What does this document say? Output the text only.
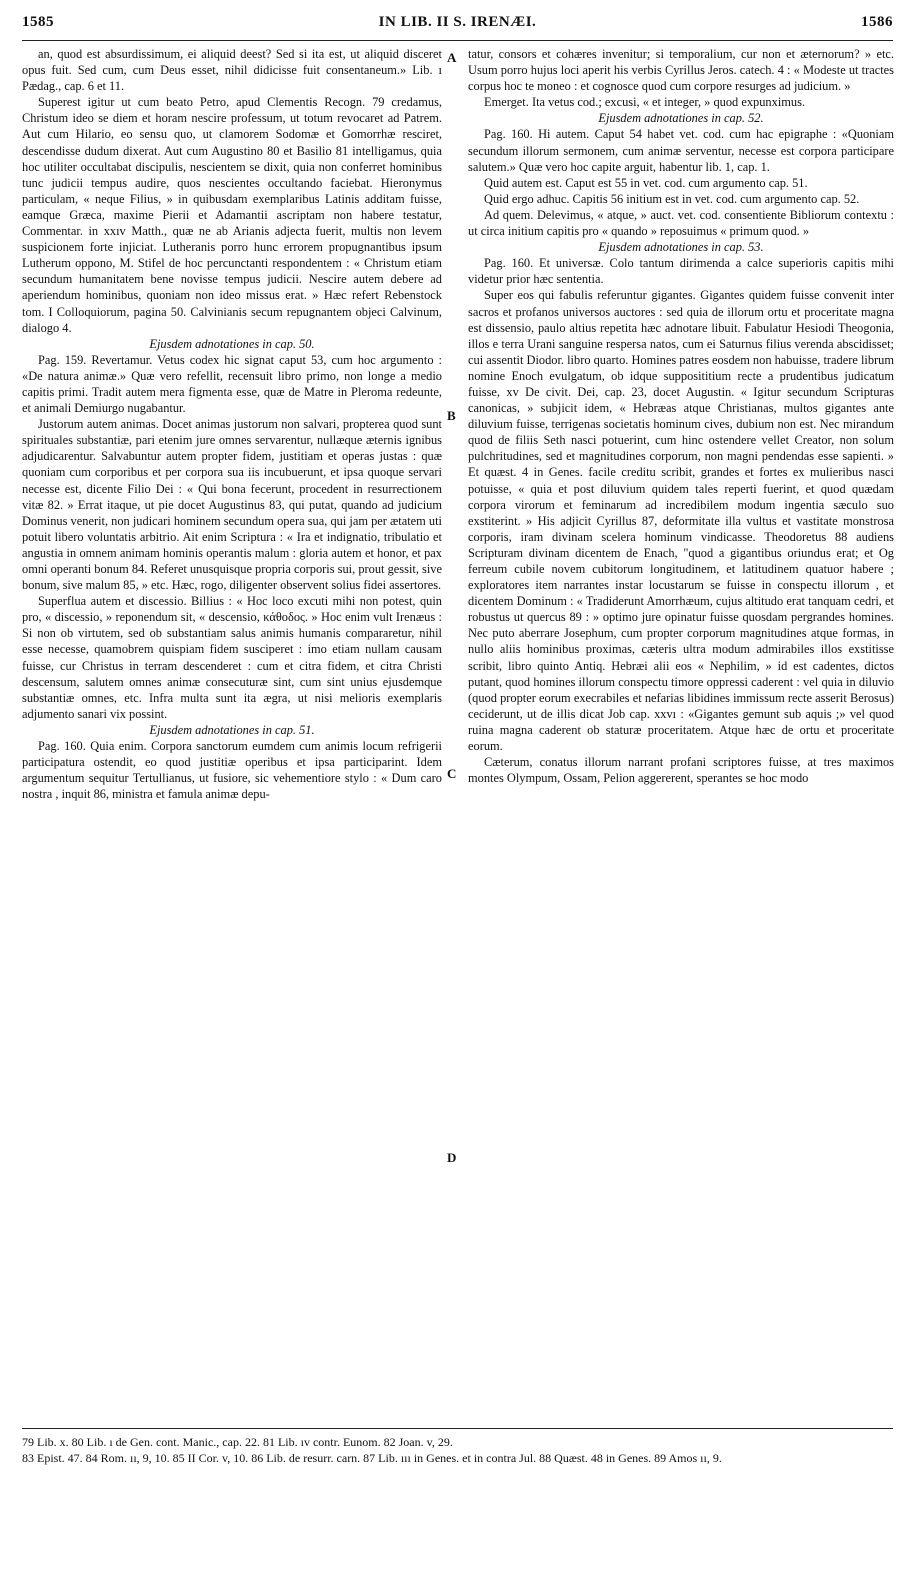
1585	IN LIB. II S. IRENÆI.	1586

an, quod est absurdissimum, ei aliquid deest? Sed si ita est, ut aliquid disceret opus fuit. Sed cum, cum Deus esset, nihil didicisse fuit consentaneum.» Lib. ı Pædag., cap. 6 et 11.

Superest igitur ut cum beato Petro, apud Clementis Recogn. 79 credamus, Christum ideo se diem et horam nescire professum, ut totum revocaret ad Patrem. Aut cum Hilario, eo sensu quo, ut clamorem Sodomæ et Gomorrhæ resciret, descendisse dudum dixerat. Aut cum Augustino 80 et Basilio 81 intelligamus, quia hoc utiliter occultabat discipulis, nescientem se dixit, quia non conferret hominibus tunc judicii tempus audire, quos nescientes occultando faciebat. Hieronymus particulam, « neque Filius, » in quibusdam exemplaribus Latinis additam fuisse, eamque Græca, maxime Pierii et Adamantii ascriptam non habere testatur, Commentar. in xxıv Matth., quæ ne ab Arianis adjecta fuerit, multis non levem suspicionem forte injiciat. Lutheranis porro hunc errorem propugnantibus ipsum Lutherum oppono, M. Stifel de hoc percunctanti respondentem : « Christum etiam secundum humanitatem bene novisse tempus judicii. Nescire autem debere ad aperiendum hominibus, quoniam non ideo missus erat. » Hæc refert Rebenstock tom. I Colloquiorum, pagina 50. Calvinianis secum repugnantem objeci Calvinum, dialogo 4.

Ejusdem adnotationes in cap. 50.

Pag. 159. Revertamur. Vetus codex hic signat caput 53, cum hoc argumento : «De natura animæ.» Quæ vero refellit, recensuit libro primo, non longe a medio capitis primi. Tradit autem mera figmenta esse, quæ de Matre in Pleroma redeunte, et animali Demiurgo nugabantur.

Justorum autem animas. Docet animas justorum non salvari, propterea quod sunt spirituales substantiæ, pari etenim jure omnes servarentur, nullæque æternis ignibus adjudicarentur. Salvabuntur autem propter fidem, justitiam et operas justas : quæ quoniam cum corporibus et per corpora sua iis incubuerunt, et ipsa quoque servari necesse est, dicente Filio Dei : « Qui bona fecerunt, procedent in resurrectionem vitæ 82. » Errat itaque, ut pie docet Augustinus 83, qui putat, quando ad judicium Dominus venerit, non judicari hominem secundum opera sua, qui jam per ætatem uti potuit libero voluntatis arbitrio. Ait enim Scriptura : « Ira et indignatio, tribulatio et angustia in omnem animam hominis operantis malum : gloria autem et honor, et pax omni operanti bonum 84. Referet unusquisque propria corporis sui, prout gessit, sive bonum, sive malum 85, » etc. Hæc, rogo, diligenter observent solius fidei assertores.

Superflua autem et discessio. Billius : « Hoc loco excuti mihi non potest, quin pro, « discessio, » reponendum sit, « descensio, κάθοδος. » Hoc enim vult Irenæus : Si non ob virtutem, sed ob substantiam salus animis humanis compararetur, nihil esse necesse, quamobrem quispiam fidem susciperet : imo etiam nullam causam fuisse, cur Christus in terram descenderet : cum et citra fidem, et citra Christi descensum, salutem omnes animæ consecuturæ sint, cum sint unius ejusdemque substantiæ omnes, etc. Infra multa sunt ita ægra, ut nisi melioris exemplaris adjumento sanari vix possint.

Ejusdem adnotationes in cap. 51.

Pag. 160. Quia enim. Corpora sanctorum eumdem cum animis locum refrigerii participatura ostendit, eo quod justitiæ operibus et ipsa participarint. Idem argumentum sequitur Tertullianus, ut fusiore, sic vehementiore stylo : « Dum caro nostra , inquit 86, ministra et famula animæ depu-

tatur, consors et cohæres invenitur; si temporalium, cur non et æternorum? » etc. Usum porro hujus loci aperit his verbis Cyrillus Jeros. catech. 4 : « Modeste ut tractes corpus hoc te moneo : et cognosce quod cum corpore resurges ad judicium. »

Emerget. Ita vetus cod.; excusi, « et integer, » quod expunximus.

Ejusdem adnotationes in cap. 52.

Pag. 160. Hi autem. Caput 54 habet vet. cod. cum hac epigraphe : «Quoniam secundum illorum sermonem, cum animæ serventur, necesse est corpora participare salutem.» Quæ vero hoc capite arguit, habentur lib. 1, cap. 1.

Quid autem est. Caput est 55 in vet. cod. cum argumento cap. 51.

Quid ergo adhuc. Capitis 56 initium est in vet. cod. cum argumento cap. 52.

Ad quem. Delevimus, « atque, » auct. vet. cod. consentiente Bibliorum contextu : ut circa initium capitis pro « quando » reposuimus « primum quod. »

Ejusdem adnotationes in cap. 53.

Pag. 160. Et universæ. Colo tantum dirimenda a calce superioris capitis mihi videtur prior hæc sententia.

Super eos qui fabulis referuntur gigantes. Gigantes quidem fuisse convenit inter sacros et profanos universos auctores : sed quia de illorum ortu et proceritate magna est dissensio, paulo altius repetita hæc adnotare libuit. Fabulatur Hesiodi Theogonia, illos e terra Urani sanguine respersa natos, cum ei Saturnus filius verenda abscidisset; cui assentit Diodor. libro quarto. Homines patres eosdem non habuisse, tradere librum nomine Enoch evulgatum, ob idque supposititium recte a prudentibus judicatum fuisse, xv De civit. Dei, cap. 23, docet Augustin. « Igitur secundum Scripturas canonicas, » subjicit idem, « Hebræas atque Christianas, multos gigantes ante diluvium fuisse, terrigenas societatis hominum cives, dubium non est. Nec mirandum quod de filiis Seth nasci potuerint, cum hinc ostendere vellet Creator, non solum pulchritudines, sed et magnitudines corporum, non magni pendendas esse sapienti. » Et quæst. 4 in Genes. facile creditu scribit, grandes et fortes ex mulieribus nasci potuisse, « quia et post diluvium quidem tales reperti fuerint, et quod quædam corpora virorum et feminarum ad incredibilem modum ingentia sæculo suo exstiterint. » His adjicit Cyrillus 87, deformitate illa vultus et vastitate monstrosa corporis, iram divinam scelera hominum vindicasse. Theodoretus 88 audiens Scripturam divinam dicentem de Enach, "quod a gigantibus oriundus erat; et Og ferreum cubile novem cubitorum longitudinem, et latitudinem quatuor habere ; exploratores item narrantes instar locustarum se fuisse in conspectu illorum , et dicentem Dominum : « Tradiderunt Amorrhæum, cujus altitudo erat tanquam cedri, et robustus ut quercus 89 : » optimo jure opinatur fuisse quosdam pergrandes homines. Nec puto aberrare Josephum, cum propter corporum magnitudines atque formas, in nullo aliis hominibus proximas, cæteris ultra modum admirabiles illos exstitisse scribit, libro quinto Antiq. Hebræi alii eos « Nephilim, » id est cadentes, dictos putant, quod homines illorum conspectu timore oppressi caderent : vel quia in diluvio (quod propter eorum execrabiles et nefarias libidines immissum recte asserit Berosus) ceciderunt, ut de illis dicat Job cap. xxvı : «Gigantes gemunt sub aquis ;» vel quod ruina magna caderent ob staturæ proceritatem. Atque hæc de ortu et proceritate eorum.

Cæterum, conatus illorum narrant profani scriptores fuisse, at tres maximos montes Olympum, Ossam, Pelion aggererent, sperantes se hoc modo

A
B
C
D

79 Lib. x. 80 Lib. ı de Gen. cont. Manic., cap. 22. 81 Lib. ıv contr. Eunom. 82 Joan. v, 29.

83 Epist. 47. 84 Rom. ıı, 9, 10. 85 II Cor. v, 10. 86 Lib. de resurr. carn. 87 Lib. ııı in Genes. et in contra Jul. 88 Quæst. 48 in Genes. 89 Amos ıı, 9.
